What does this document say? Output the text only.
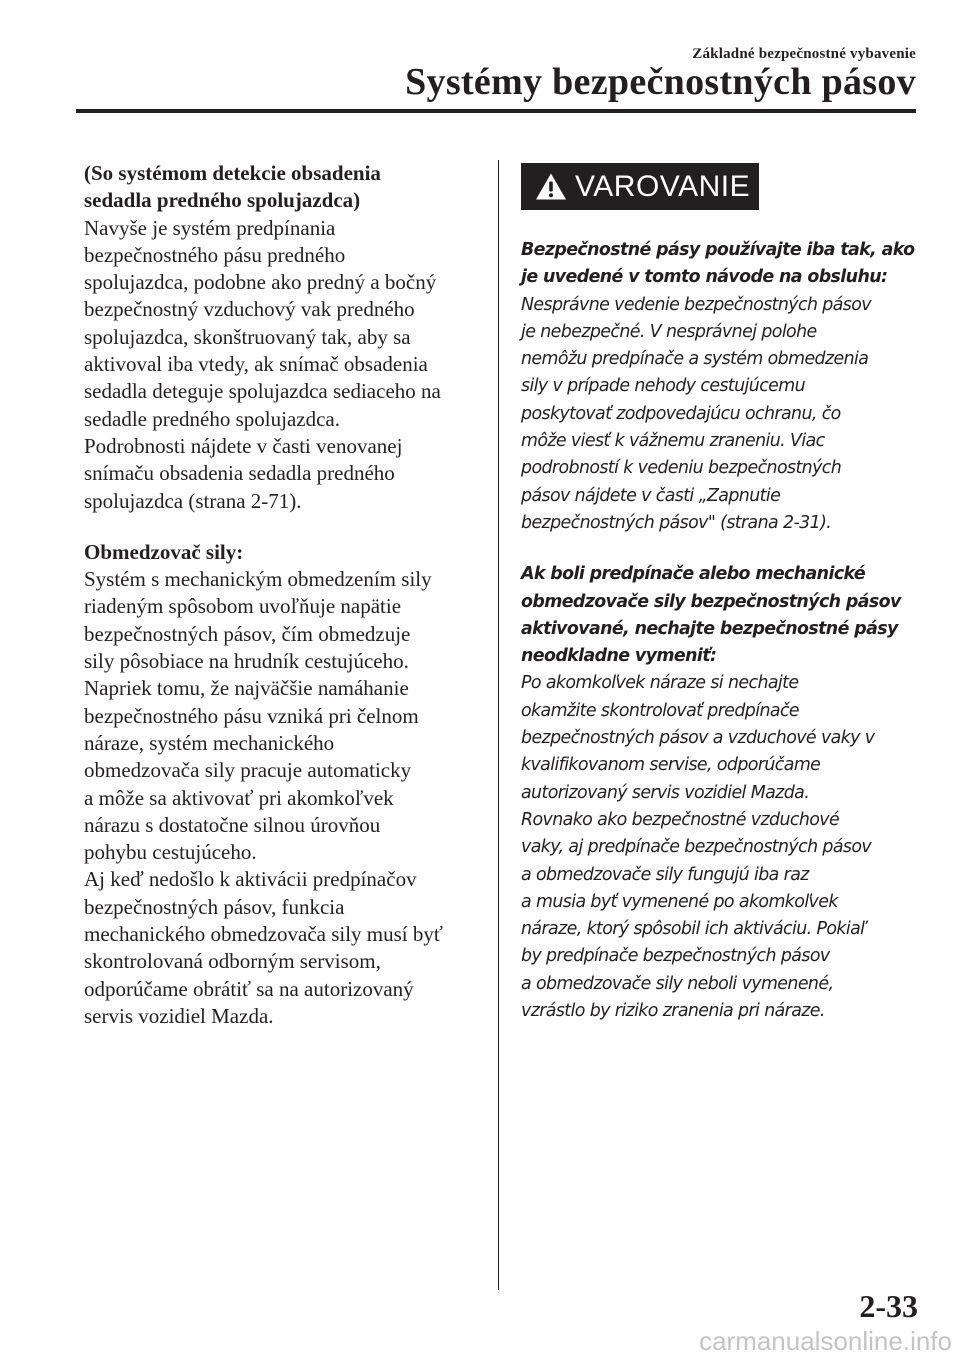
Základné bezpečnostné vybavenie
Systémy bezpečnostných pásov

(So systémom detekcie obsadenia

sedadla predného spolujazdca)

Navyše je systém predpínania

bezpečnostného pásu predného

spolujazdca, podobne ako predný a bočný

bezpečnostný vzduchový vak predného

spolujazdca, skonštruovaný tak, aby sa

aktivoval iba vtedy, ak snímač obsadenia

sedadla deteguje spolujazdca sediaceho na

sedadle predného spolujazdca.

Podrobnosti nájdete v časti venovanej

snímaču obsadenia sedadla predného

spolujazdca (strana 2-71).

Obmedzovač sily:

Systém s mechanickým obmedzením sily

riadeným spôsobom uvoľňuje napätie

bezpečnostných pásov, čím obmedzuje

sily pôsobiace na hrudník cestujúceho.

Napriek tomu, že najväčšie namáhanie

bezpečnostného pásu vzniká pri čelnom

náraze, systém mechanického

obmedzovača sily pracuje automaticky

a môže sa aktivovať pri akomkoľvek

nárazu s dostatočne silnou úrovňou

pohybu cestujúceho.

Aj keď nedošlo k aktivácii predpínačov

bezpečnostných pásov, funkcia

mechanického obmedzovača sily musí byť

skontrolovaná odborným servisom,

odporúčame obrátiť sa na autorizovaný

servis vozidiel Mazda.

VAROVANIE

Bezpečnostné pásy používajte iba tak, ako

je uvedené v tomto návode na obsluhu:

Nesprávne vedenie bezpečnostných pásov

je nebezpečné. V nesprávnej polohe

nemôžu predpínače a systém obmedzenia

sily v prípade nehody cestujúcemu

poskytovať zodpovedajúcu ochranu, čo

môže viesť k vážnemu zraneniu. Viac

podrobností k vedeniu bezpečnostných

pásov nájdete v časti „Zapnutie

bezpečnostných pásov" (strana 2-31).

Ak boli predpínače alebo mechanické

obmedzovače sily bezpečnostných pásov

aktivované, nechajte bezpečnostné pásy

neodkladne vymeniť:

Po akomkoľvek náraze si nechajte

okamžite skontrolovať predpínače

bezpečnostných pásov a vzduchové vaky v

kvalifikovanom servise, odporúčame

autorizovaný servis vozidiel Mazda.

Rovnako ako bezpečnostné vzduchové

vaky, aj predpínače bezpečnostných pásov

a obmedzovače sily fungujú iba raz

a musia byť vymenené po akomkoľvek

náraze, ktorý spôsobil ich aktiváciu. Pokiaľ

by predpínače bezpečnostných pásov

a obmedzovače sily neboli vymenené,

vzrástlo by riziko zranenia pri náraze.

2-33
carmanualsonline.info
